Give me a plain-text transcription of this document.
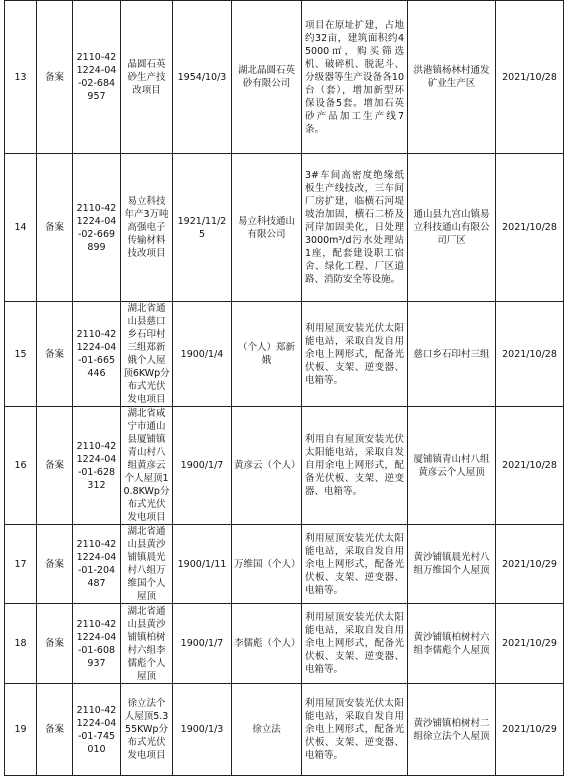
13	备案	2110-421224-04-02-684957	晶圆石英砂生产技改项目	1954/10/3	湖北晶圆石英砂有限公司	项目在原址扩建，占地约32亩，建筑面积约45000㎡，购买筛选机、破碎机、脱泥斗、分级器等生产设备各10台（套），增加新型环保设备5套。增加石英砂产品加工生产线7条。	洪港镇杨林村通发矿业生产区	2021/10/28
14	备案	2110-421224-04-02-669899	易立科技年产3万吨高强电子传输材料技改项目	1921/11/25	易立科技通山有限公司	3#车间高密度绝缘纸板生产线技改，三车间厂房扩建，临横石河堤坡治加固，横石二桥及河岸加固美化，日处理3000m³/d污水处理站1座，配套建设职工宿舍、绿化工程、厂区道路、消防安全等设施。	通山县九宫山镇易立科技通山有限公司厂区	2021/10/28
15	备案	2110-421224-04-01-665446	湖北省通山县慈口乡石印村三组郑新娥个人屋顶6KWp分布式光伏发电项目	1900/1/4	（个人）郑新娥	利用屋顶安装光伏太阳能电站，采取自发自用余电上网形式，配备光伏板、支架、逆变器、电箱等。	慈口乡石印村三组	2021/10/28
16	备案	2110-421224-04-01-628312	湖北省咸宁市通山县厦铺镇青山村八组黄彦云个人屋顶10.8KWp分布式光伏发电项目	1900/1/7	黄彦云（个人）	利用自有屋顶安装光伏太阳能电站，采取自发自用余电上网形式，配备光伏板、支架、逆变器、电箱等。	厦铺镇青山村八组黄彦云个人屋顶	2021/10/28
17	备案	2110-421224-04-01-204487	湖北省通山县黄沙铺镇晨光村八组万维国个人屋顶	1900/1/11	万维国（个人）	利用屋顶安装光伏太阳能电站，采取自发自用余电上网形式，配备光伏板、支架、逆变器、电箱等。	黄沙铺镇晨光村八组万维国个人屋顶	2021/10/29
18	备案	2110-421224-04-01-608937	湖北省通山县黄沙铺镇柏树村六组李儒彪个人屋顶	1900/1/7	李儒彪（个人）	利用屋顶安装光伏太阳能电站，采取自发自用余电上网形式，配备光伏板、支架、逆变器、电箱等。	黄沙铺镇柏树村六组李儒彪个人屋顶	2021/10/29
19	备案	2110-421224-04-01-745010	徐立法个人屋顶5.355KWp分布式光伏发电项目	1900/1/3	徐立法	利用屋顶安装光伏太阳能电站，采取自发自用余电上网形式，配备光伏板、支架、逆变器、电箱等。	黄沙铺镇柏树村二组徐立法个人屋顶	2021/10/29
